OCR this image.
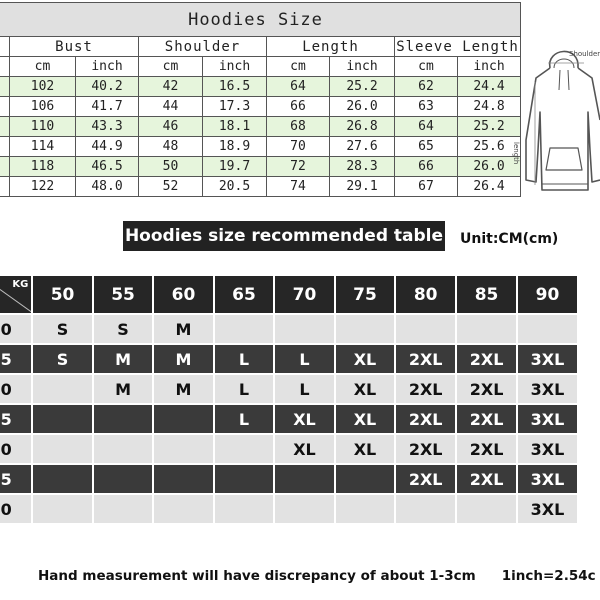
Hoodies Size								
	Bust		Shoulder		Length		Sleeve Length	
	cm	inch	cm	inch	cm	inch	cm	inch
	102	40.2	42	16.5	64	25.2	62	24.4
	106	41.7	44	17.3	66	26.0	63	24.8
	110	43.3	46	18.1	68	26.8	64	25.2
	114	44.9	48	18.9	70	27.6	65	25.6
	118	46.5	50	19.7	72	28.3	66	26.0
	122	48.0	52	20.5	74	29.1	67	26.4
Shoulder
length
Hoodies size recommended table Unit:CM(cm)
KG	50	55	60	65	70	75	80	85	90
0	S	S	M						
5	S	M	M	L	L	XL	2XL	2XL	3XL
0		M	M	L	L	XL	2XL	2XL	3XL
5				L	XL	XL	2XL	2XL	3XL
0					XL	XL	2XL	2XL	3XL
5							2XL	2XL	3XL
0									3XL
Hand measurement will have discrepancy of about 1-3cm 1inch=2.54c
